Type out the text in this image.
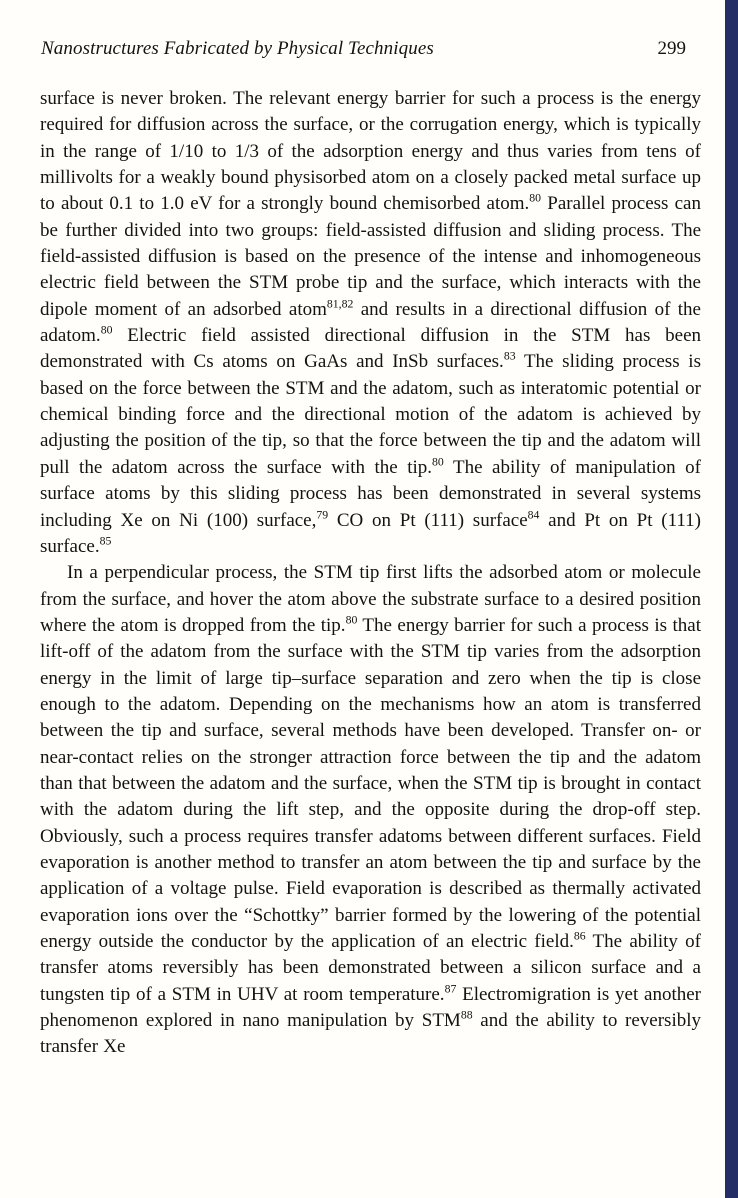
Nanostructures Fabricated by Physical Techniques	299

surface is never broken. The relevant energy barrier for such a process is the energy required for diffusion across the surface, or the corrugation energy, which is typically in the range of 1/10 to 1/3 of the adsorption energy and thus varies from tens of millivolts for a weakly bound physisorbed atom on a closely packed metal surface up to about 0.1 to 1.0 eV for a strongly bound chemisorbed atom.$^{80}$ Parallel process can be further divided into two groups: field-assisted diffusion and sliding process. The field-assisted diffusion is based on the presence of the intense and inhomogeneous electric field between the STM probe tip and the surface, which interacts with the dipole moment of an adsorbed atom$^{81,82}$ and results in a directional diffusion of the adatom.$^{80}$ Electric field assisted directional diffusion in the STM has been demonstrated with Cs atoms on GaAs and InSb surfaces.$^{83}$ The sliding process is based on the force between the STM and the adatom, such as interatomic potential or chemical binding force and the directional motion of the adatom is achieved by adjusting the position of the tip, so that the force between the tip and the adatom will pull the adatom across the surface with the tip.$^{80}$ The ability of manipulation of surface atoms by this sliding process has been demonstrated in several systems including Xe on Ni (100) surface,$^{79}$ CO on Pt (111) surface$^{84}$ and Pt on Pt (111) surface.$^{85}$

In a perpendicular process, the STM tip first lifts the adsorbed atom or molecule from the surface, and hover the atom above the substrate surface to a desired position where the atom is dropped from the tip.$^{80}$ The energy barrier for such a process is that lift-off of the adatom from the surface with the STM tip varies from the adsorption energy in the limit of large tip–surface separation and zero when the tip is close enough to the adatom. Depending on the mechanisms how an atom is transferred between the tip and surface, several methods have been developed. Transfer on- or near-contact relies on the stronger attraction force between the tip and the adatom than that between the adatom and the surface, when the STM tip is brought in contact with the adatom during the lift step, and the opposite during the drop-off step. Obviously, such a process requires transfer adatoms between different surfaces. Field evaporation is another method to transfer an atom between the tip and surface by the application of a voltage pulse. Field evaporation is described as thermally activated evaporation ions over the “Schottky” barrier formed by the lowering of the potential energy outside the conductor by the application of an electric field.$^{86}$ The ability of transfer atoms reversibly has been demonstrated between a silicon surface and a tungsten tip of a STM in UHV at room temperature.$^{87}$ Electromigration is yet another phenomenon explored in nano manipulation by STM$^{88}$ and the ability to reversibly transfer Xe
